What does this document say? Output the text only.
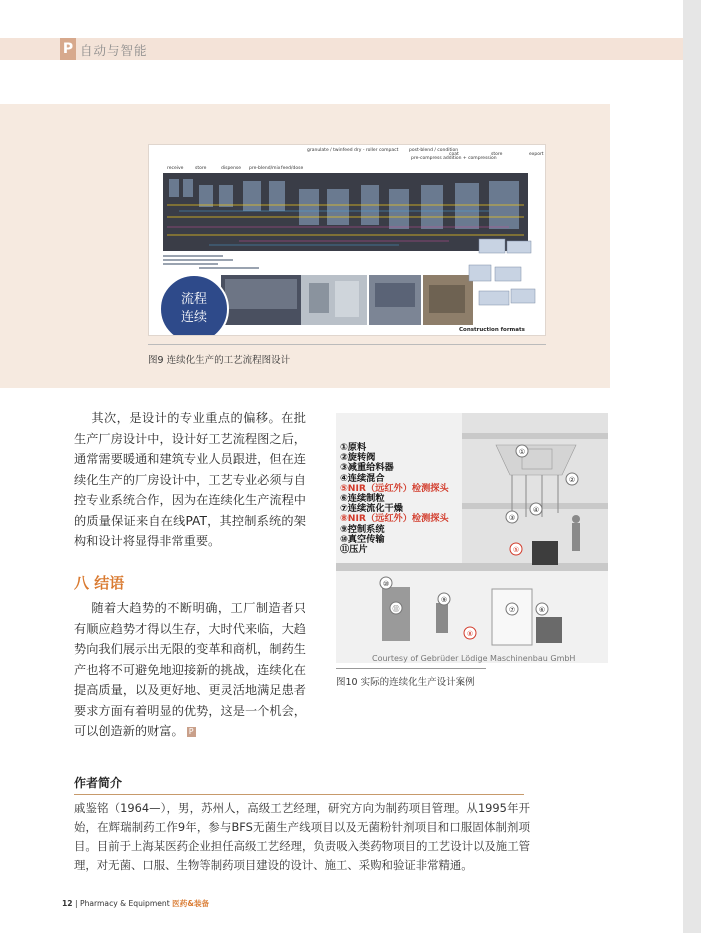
P 自动与智能
receive	store	dispense pre-blend/mix feed/dose
granulate / twinfeed dry - roller compact post-blend / condition
pre-compress addition + compression
coat	store	export
Construction formats
流程
连续
图9 连续化生产的工艺流程图设计
其次，是设计的专业重点的偏移。在批生产厂房设计中，设计好工艺流程图之后，通常需要暖通和建筑专业人员跟进，但在连续化生产的厂房设计中，工艺专业必须与自控专业系统合作，因为在连续化生产流程中的质量保证来自在线PAT，其控制系统的架构和设计将显得非常重要。
八 结语
随着大趋势的不断明确，工厂制造者只有顺应趋势才得以生存，大时代来临，大趋势向我们展示出无限的变革和商机，制药生产也将不可避免地迎接新的挑战，连续化在提高质量，以及更好地、更灵活地满足患者要求方面有着明显的优势，这是一个机会，可以创造新的财富。 P
①
②
③
④
⑤
⑪
⑩
⑨
⑦	⑥
⑧
①原料
②旋转阀
③减重给料器
④连续混合
⑤NIR（远红外）检测探头
⑥连续制粒
⑦连续流化干燥
⑧NIR（远红外）检测探头
⑨控制系统
⑩真空传输
⑪压片
Courtesy of Gebrüder Lödige Maschinenbau GmbH
图10 实际的连续化生产设计案例
作者简介
戚鉴铭（1964—），男，苏州人，高级工艺经理，研究方向为制药项目管理。从1995年开始，在辉瑞制药工作9年，参与BFS无菌生产线项目以及无菌粉针剂项目和口服固体制剂项目。目前于上海某医药企业担任高级工艺经理，负责吸入类药物项目的工艺设计以及施工管理，对无菌、口服、生物等制药项目建设的设计、施工、采购和验证非常精通。
12 | Pharmacy & Equipment 医药&装备
